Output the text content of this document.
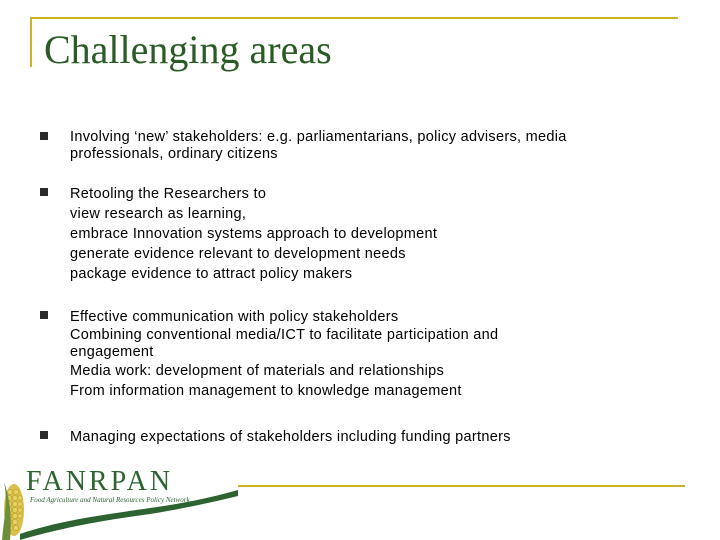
Challenging areas
Involving ‘new’ stakeholders: e.g. parliamentarians, policy advisers, media
professionals, ordinary citizens
Retooling the Researchers to
view research as learning,
embrace Innovation systems approach to development
generate evidence relevant to development needs
package evidence to attract policy makers
Effective communication with policy stakeholders
Combining conventional media/ICT to facilitate participation and
engagement
Media work: development of materials and relationships
From information management to knowledge management
Managing expectations of stakeholders including funding partners
FANRPAN
Food Agriculture and Natural Resources Policy Network
